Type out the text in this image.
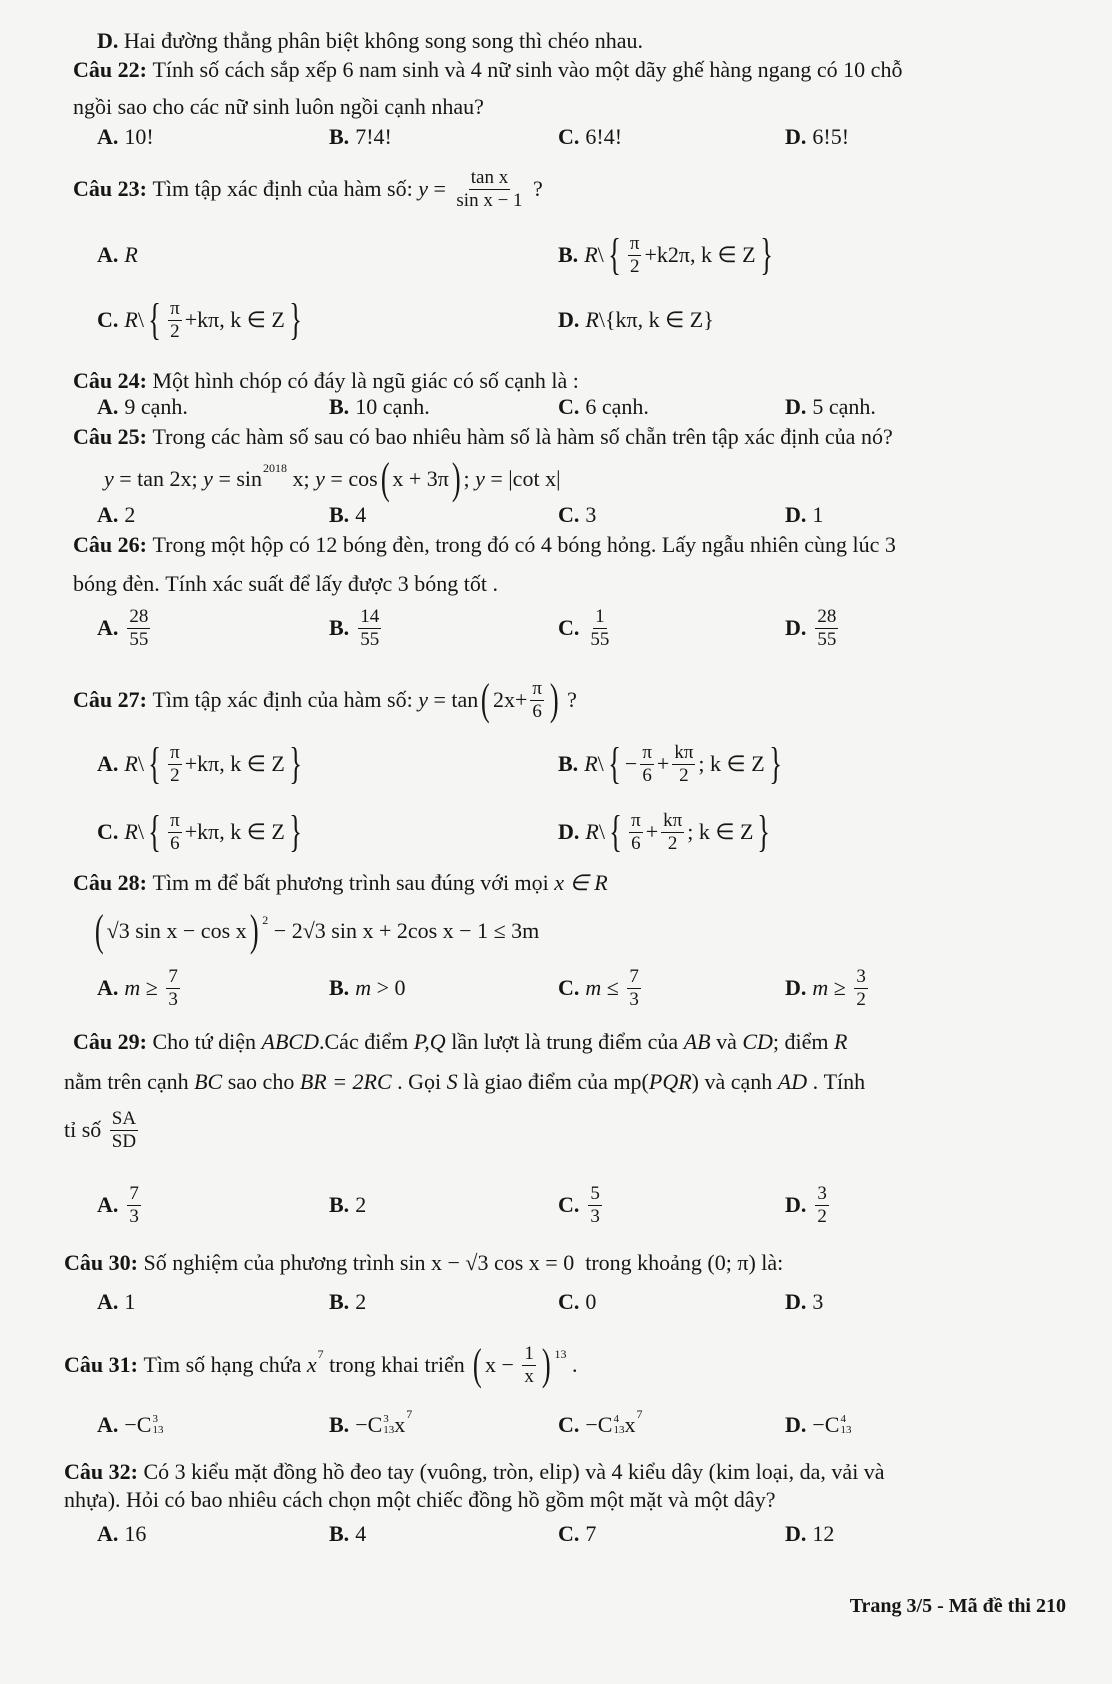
D. Hai đường thẳng phân biệt không song song thì chéo nhau.
Câu 22: Tính số cách sắp xếp 6 nam sinh và 4 nữ sinh vào một dãy ghế hàng ngang có 10 chỗ
ngồi sao cho các nữ sinh luôn ngồi cạnh nhau?
Câu 23: Tìm tập xác định của hàm số: $y = \frac{\text{tan x}}{\text{sin x − 1}}$ ?
Câu 24: Một hình chóp có đáy là ngũ giác có số cạnh là :
Câu 25: Trong các hàm số sau có bao nhiêu hàm số là hàm số chẵn trên tập xác định của nó?
y = tan 2x; y = sin 2018 x; y = cos ( x + 3π ) ; y = |cot x|
Câu 26: Trong một hộp có 12 bóng đèn, trong đó có 4 bóng hỏng. Lấy ngẫu nhiên cùng lúc 3
bóng đèn. Tính xác suất để lấy được 3 bóng tốt .
Câu 27: Tìm tập xác định của hàm số: y = tan ( $2x+ \frac{\pi}{6}$ ) ?
Câu 28: Tìm m để bất phương trình sau đúng với mọi x ∈ R
( √3 sin x − cos x ) 2 − 2√3 sin x + 2cos x − 1 ≤ 3m
Câu 29: Cho tứ diện ABCD .Các điểm P,Q lần lượt là trung điểm của AB và CD ; điểm R
nằm trên cạnh BC sao cho BR = 2RC . Gọi S là giao điểm của mp( PQR ) và cạnh AD . Tính
tỉ số $\frac{SA}{SD}$
Câu 30: Số nghiệm của phương trình sin x − √3 cos x = 0 trong khoảng (0; π) là:
Câu 31: Tìm số hạng chứa x 7 trong khai triển ( $x - \frac{1}{x}$ ) 13 .
Câu 32: Có 3 kiểu mặt đồng hồ đeo tay (vuông, tròn, elip) và 4 kiểu dây (kim loại, da, vải và
nhựa). Hỏi có bao nhiêu cách chọn một chiếc đồng hồ gồm một mặt và một dây?
Trang 3/5 - Mã đề thi 210
A. 10!	B. 7!4!	C. 6!4!	D. 6!5!
A. R	B. R \ { $\frac{\pi}{2} +k2\pi$, k ∈ Z }
C. R \ { $\frac{\pi}{2} +k\pi$, k ∈ Z }	D. R \{kπ, k ∈ Z}
A. 9 cạnh.	B. 10 cạnh.	C. 6 cạnh.	D. 5 cạnh.
A. 2	B. 4	C. 3	D. 1
A. $\frac{28}{55}$	B. $\frac{14}{55}$	C. $\frac{1}{55}$	D. $\frac{28}{55}$
A. R \ { $\frac{\pi}{2} +k\pi$, k ∈ Z }	B. R \ { − $\frac{\pi}{6} + \frac{k\pi}{2}$ ; k ∈ Z }
C. R \ { $\frac{\pi}{6} +k\pi$, k ∈ Z }	D. R \ { $\frac{\pi}{6} + \frac{k\pi}{2}$ ; k ∈ Z }
A. $m \ge \frac{7}{3}$	B. m > 0	C. $m \le \frac{7}{3}$	D. $m \ge \frac{3}{2}$
A. $\frac{7}{3}$	B. 2	C. $\frac{5}{3}$	D. $\frac{3}{2}$
A. 1	B. 2	C. 0	D. 3
A. −C 3
13	B. −C 3
13 x 7	C. −C 4
13 x 7	D. −C 4
13
A. 16	B. 4	C. 7	D. 12
